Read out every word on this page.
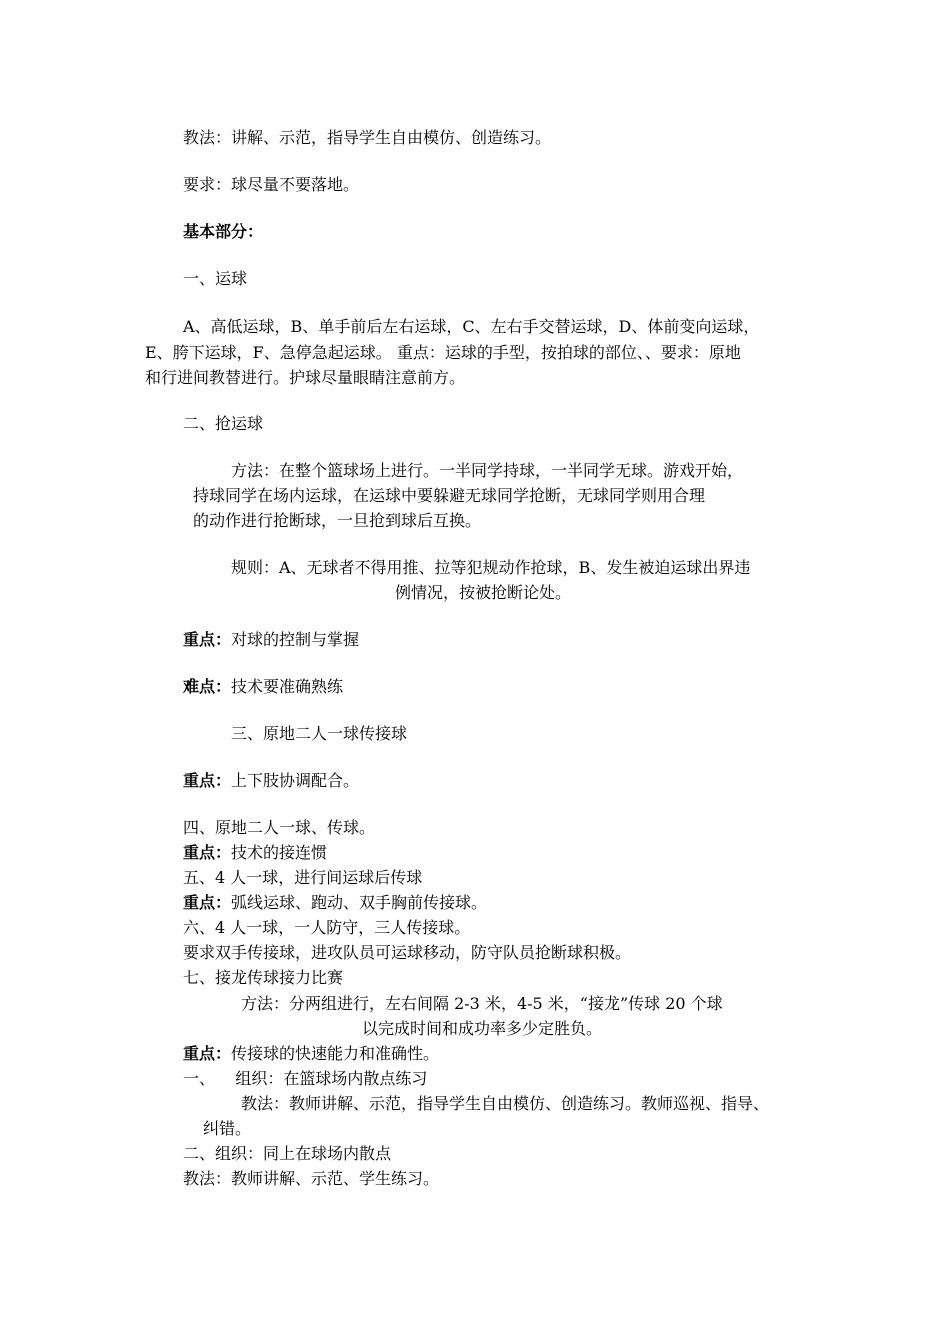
教法：讲解、示范，指导学生自由模仿、创造练习。
要求：球尽量不要落地。
基本部分：
一、运球
A、高低运球，B、单手前后左右运球，C、左右手交替运球，D、体前变向运球，
E、胯下运球，F、急停急起运球。 重点：运球的手型，按拍球的部位、、要求：原地
和行进间教替进行。护球尽量眼睛注意前方。
二、抢运球
方法：在整个篮球场上进行。一半同学持球，一半同学无球。游戏开始，
持球同学在场内运球，在运球中要躲避无球同学抢断，无球同学则用合理
的动作进行抢断球，一旦抢到球后互换。
规则：A、无球者不得用推、拉等犯规动作抢球，B、发生被迫运球出界违
例情况，按被抢断论处。
重点：对球的控制与掌握
难点：技术要准确熟练
三、原地二人一球传接球
重点：上下肢协调配合。
四、原地二人一球、传球。
重点：技术的接连惯
五、4 人一球，进行间运球后传球
重点：弧线运球、跑动、双手胸前传接球。
六、4 人一球，一人防守，三人传接球。
要求双手传接球，进攻队员可运球移动，防守队员抢断球积极。
七、接龙传球接力比赛
方法：分两组进行，左右间隔 2-3 米，4-5 米，“接龙”传球 20 个球
以完成时间和成功率多少定胜负。
重点：传接球的快速能力和准确性。
一、    组织：在篮球场内散点练习
教法：教师讲解、示范，指导学生自由模仿、创造练习。教师巡视、指导、
纠错。
二、组织：同上在球场内散点
教法：教师讲解、示范、学生练习。
